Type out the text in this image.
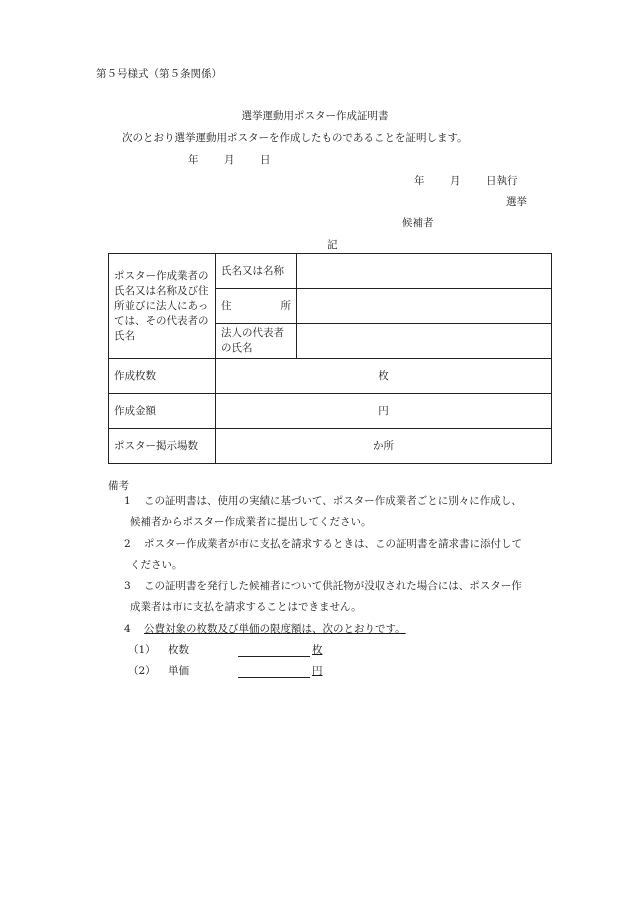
第５号様式（第５条関係）
選挙運動用ポスター作成証明書
次のとおり選挙運動用ポスターを作成したものであることを証明します。
年 月 日
年 月 日執行
選挙
候補者
記
ポスター作成業者の氏名又は名称及び住所並びに法人にあっては、その代表者の氏名	氏名又は名称	

	住 所	

	法人の代表者の氏名	
作成枚数	枚	
作成金額	円	
ポスター掲示場数	か所	
備考
1 この証明書は、使用の実績に基づいて、ポスター作成業者ごとに別々に作成し、
候補者からポスター作成業者に提出してください。
2 ポスター作成業者が市に支払を請求するときは、この証明書を請求書に添付して
ください。
3 この証明書を発行した候補者について供託物が没収された場合には、ポスター作
成業者は市に支払を請求することはできません。
4 公費対象の枚数及び単価の限度額は、次のとおりです。
（1） 枚数	枚
（2） 単価	円
